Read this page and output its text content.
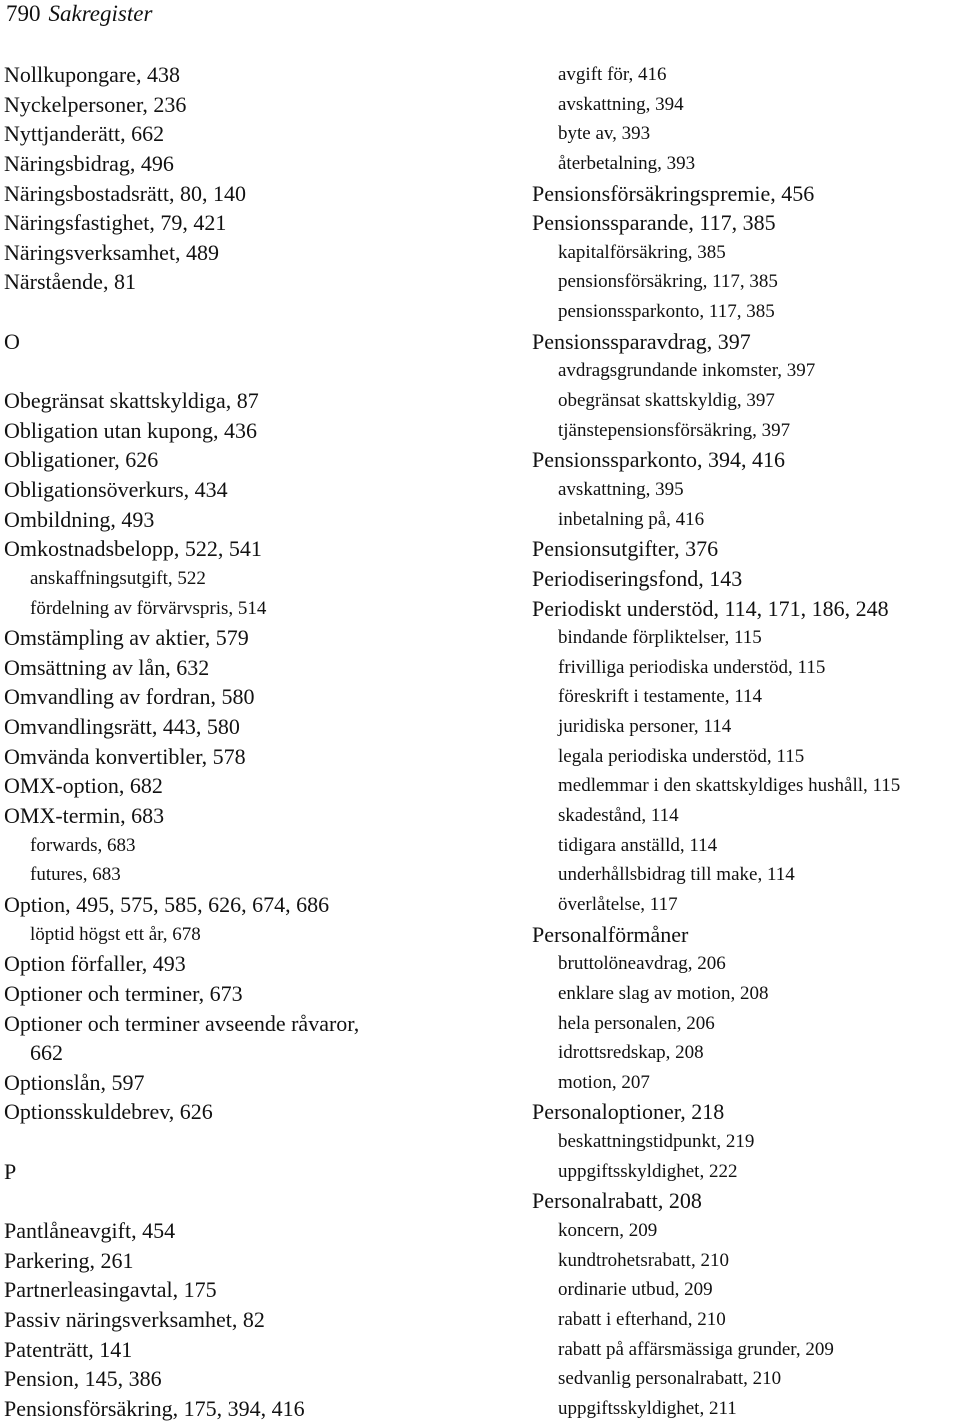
790 Sakregister
Nollkupongare, 438
Nyckelpersoner, 236
Nyttjanderätt, 662
Näringsbidrag, 496
Näringsbostadsrätt, 80, 140
Näringsfastighet, 79, 421
Näringsverksamhet, 489
Närstående, 81
O
Obegränsat skattskyldiga, 87
Obligation utan kupong, 436
Obligationer, 626
Obligationsöverkurs, 434
Ombildning, 493
Omkostnadsbelopp, 522, 541
anskaffningsutgift, 522
fördelning av förvärvspris, 514
Omstämpling av aktier, 579
Omsättning av lån, 632
Omvandling av fordran, 580
Omvandlingsrätt, 443, 580
Omvända konvertibler, 578
OMX-option, 682
OMX-termin, 683
forwards, 683
futures, 683
Option, 495, 575, 585, 626, 674, 686
löptid högst ett år, 678
Option förfaller, 493
Optioner och terminer, 673
Optioner och terminer avseende råvaror,
662
Optionslån, 597
Optionsskuldebrev, 626
P
Pantlåneavgift, 454
Parkering, 261
Partnerleasingavtal, 175
Passiv näringsverksamhet, 82
Patenträtt, 141
Pension, 145, 386
Pensionsförsäkring, 175, 394, 416
avgift för, 416
avskattning, 394
byte av, 393
återbetalning, 393
Pensionsförsäkringspremie, 456
Pensionssparande, 117, 385
kapitalförsäkring, 385
pensionsförsäkring, 117, 385
pensionssparkonto, 117, 385
Pensionssparavdrag, 397
avdragsgrundande inkomster, 397
obegränsat skattskyldig, 397
tjänstepensionsförsäkring, 397
Pensionssparkonto, 394, 416
avskattning, 395
inbetalning på, 416
Pensionsutgifter, 376
Periodiseringsfond, 143
Periodiskt understöd, 114, 171, 186, 248
bindande förpliktelser, 115
frivilliga periodiska understöd, 115
föreskrift i testamente, 114
juridiska personer, 114
legala periodiska understöd, 115
medlemmar i den skattskyldiges hushåll, 115
skadestånd, 114
tidigara anställd, 114
underhållsbidrag till make, 114
överlåtelse, 117
Personalförmåner
bruttolöneavdrag, 206
enklare slag av motion, 208
hela personalen, 206
idrottsredskap, 208
motion, 207
Personaloptioner, 218
beskattningstidpunkt, 219
uppgiftsskyldighet, 222
Personalrabatt, 208
koncern, 209
kundtrohetsrabatt, 210
ordinarie utbud, 209
rabatt i efterhand, 210
rabatt på affärsmässiga grunder, 209
sedvanlig personalrabatt, 210
uppgiftsskyldighet, 211
